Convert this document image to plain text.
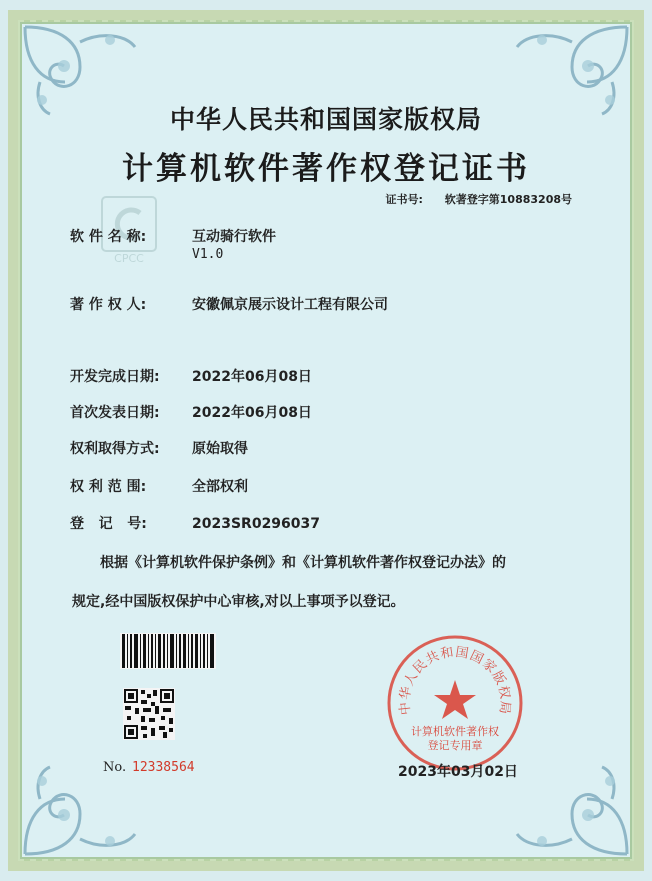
中华人民共和国国家版权局
计算机软件著作权登记证书
证书号: 软著登字第10883208号
CPCC
软 件 名 称:	互动骑行软件
V1.0
著 作 权 人:	安徽佩京展示设计工程有限公司
开发完成日期: 2022年06月08日
首次发表日期: 2022年06月08日
权利取得方式: 原始取得
权 利 范 围:	全部权利
登   记   号:	2023SR0296037
根据《计算机软件保护条例》和《计算机软件著作权登记办法》的
规定,经中国版权保护中心审核,对以上事项予以登记。
No. 12338564
中华人民共和国国家版权局
计算机软件著作权
登记专用章
2023年03月02日
